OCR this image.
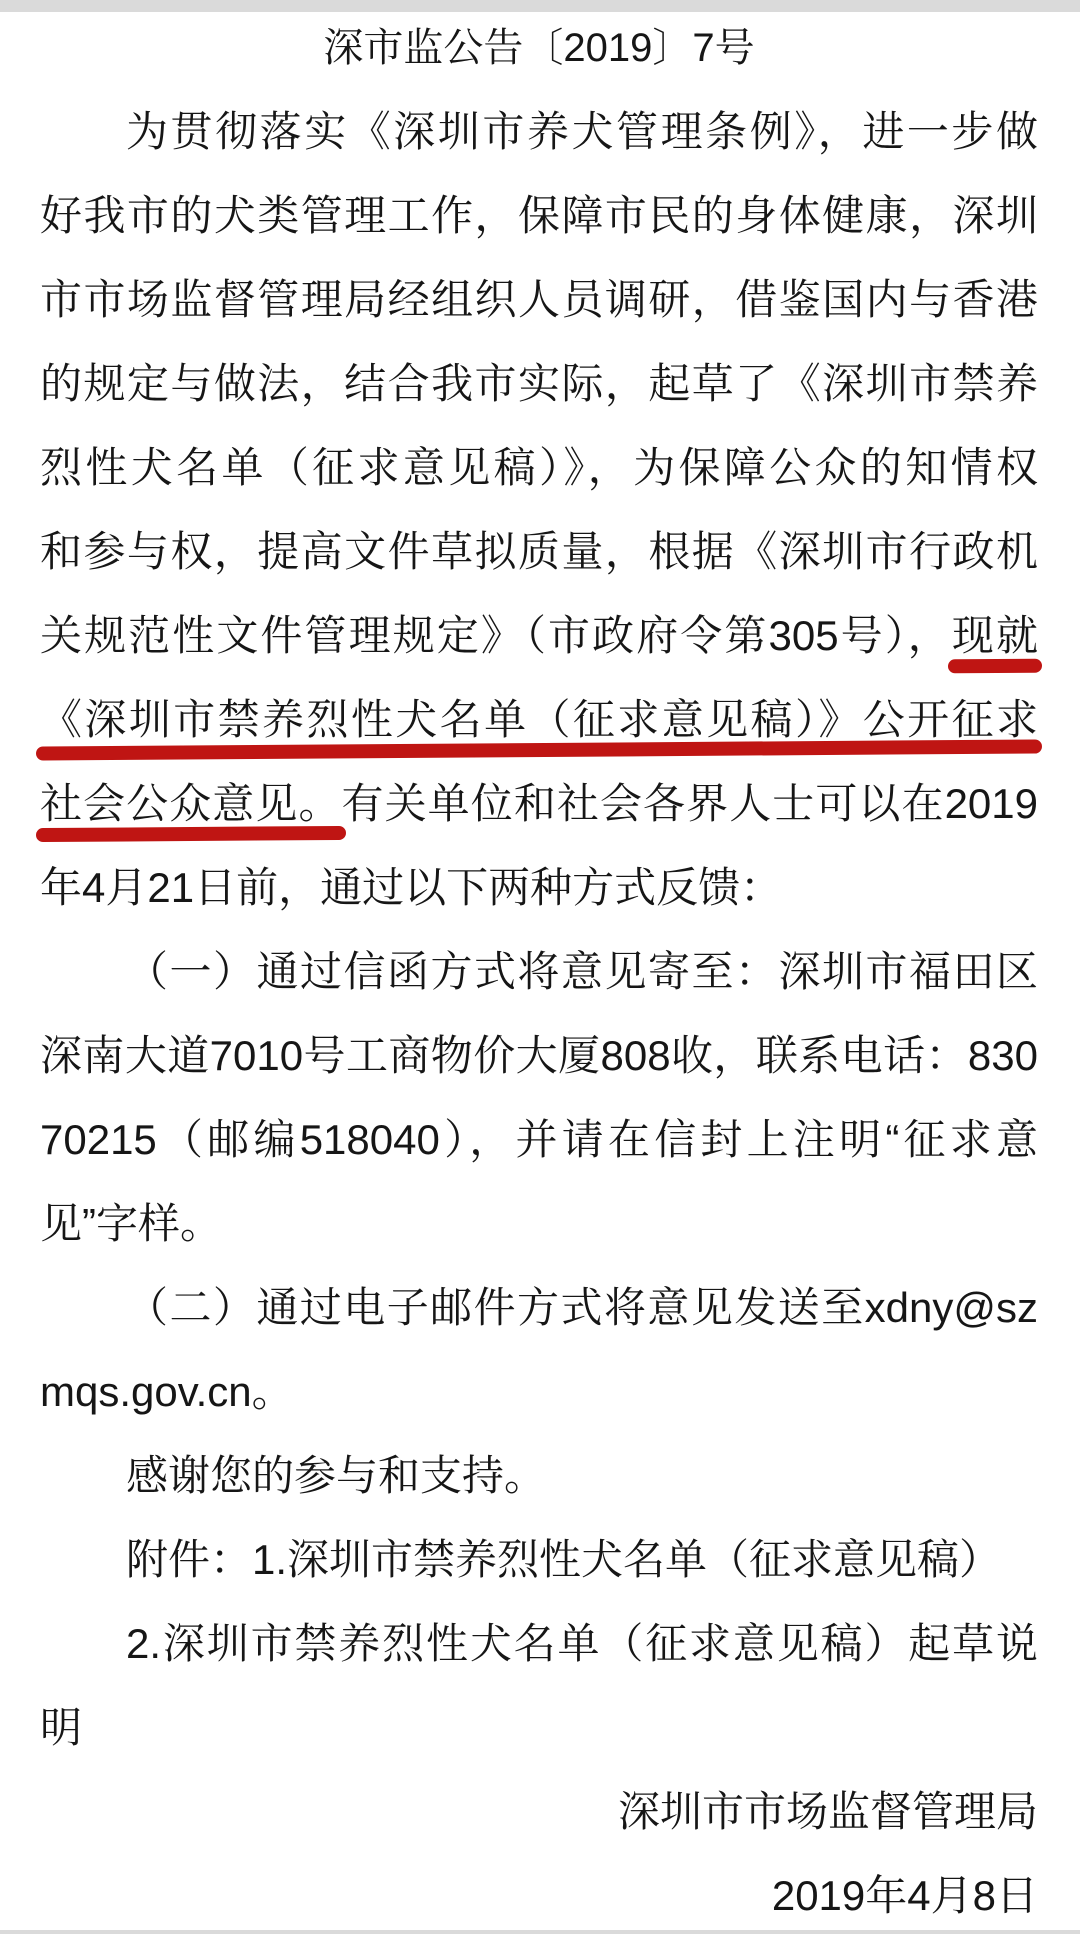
深市监公告〔2019〕7号
为贯彻落实《深圳市养犬管理条例》，进一步做
好我市的犬类管理工作，保障市民的身体健康，深圳
市市场监督管理局经组织人员调研，借鉴国内与香港
的规定与做法，结合我市实际，起草了《深圳市禁养
烈性犬名单（征求意见稿）》，为保障公众的知情权
和参与权，提高文件草拟质量，根据《深圳市行政机
关规范性文件管理规定》（市政府令第305号），现就
《深圳市禁养烈性犬名单（征求意见稿）》公开征求
社会公众意见。有关单位和社会各界人士可以在2019
年4月21日前，通过以下两种方式反馈：
（一）通过信函方式将意见寄至：深圳市福田区
深南大道7010号工商物价大厦808收，联系电话：830
70215（邮编518040），并请在信封上注明“征求意
见”字样。
（二）通过电子邮件方式将意见发送至xdny@sz
mqs.gov.cn。
感谢您的参与和支持。
附件：1.深圳市禁养烈性犬名单（征求意见稿）
2.深圳市禁养烈性犬名单（征求意见稿）起草说
明
深圳市市场监督管理局
2019年4月8日
